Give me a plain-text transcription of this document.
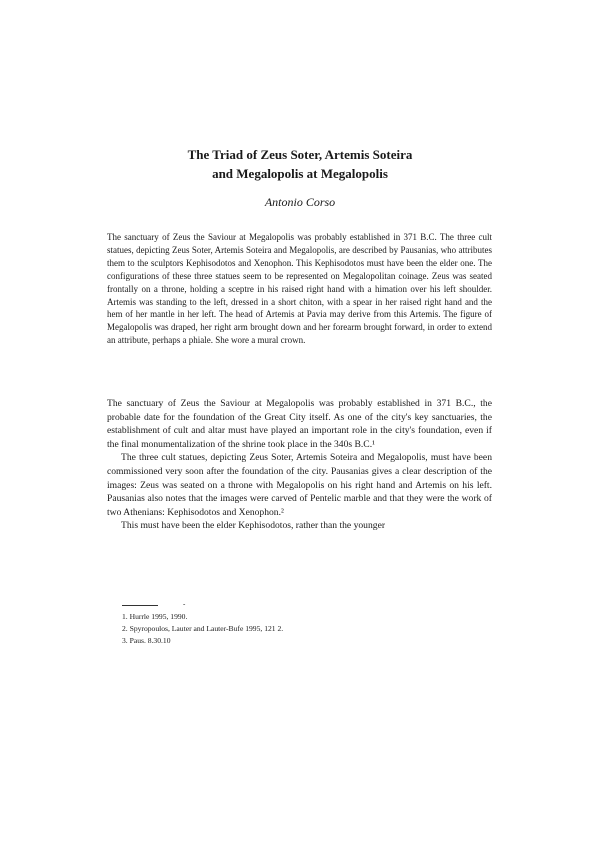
The Triad of Zeus Soter, Artemis Soteira
and Megalopolis at Megalopolis
Antonio Corso

The sanctuary of Zeus the Saviour at Megalopolis was probably established in 371 B.C. The three cult statues, depicting Zeus Soter, Artemis Soteira and Megalopolis, are described by Pausanias, who attributes them to the sculptors Kephisodotos and Xenophon. This Kephisodotos must have been the elder one. The configurations of these three statues seem to be represented on Megalopolitan coinage. Zeus was seated frontally on a throne, holding a sceptre in his raised right hand with a himation over his left shoulder. Artemis was standing to the left, dressed in a short chiton, with a spear in her raised right hand and the hem of her mantle in her left. The head of Artemis at Pavia may derive from this Artemis. The figure of Megalopolis was draped, her right arm brought down and her forearm brought forward, in order to extend an attribute, perhaps a phiale. She wore a mural crown.

The sanctuary of Zeus the Saviour at Megalopolis was probably established in 371 B.C., the probable date for the foundation of the Great City itself. As one of the city's key sanctuaries, the establishment of cult and altar must have played an important role in the city's foundation, even if the final monumentalization of the shrine took place in the 340s B.C.¹

The three cult statues, depicting Zeus Soter, Artemis Soteira and Megalopolis, must have been commissioned very soon after the foundation of the city. Pausanias gives a clear description of the images: Zeus was seated on a throne with Megalopolis on his right hand and Artemis on his left. Pausanias also notes that the images were carved of Pentelic marble and that they were the work of two Athenians: Kephisodotos and Xenophon.²

This must have been the elder Kephisodotos, rather than the younger

-
1. Hurrle 1995, 1990.
2. Spyropoulos, Lauter and Lauter-Bufe 1995, 121 2.
3. Paus. 8.30.10
